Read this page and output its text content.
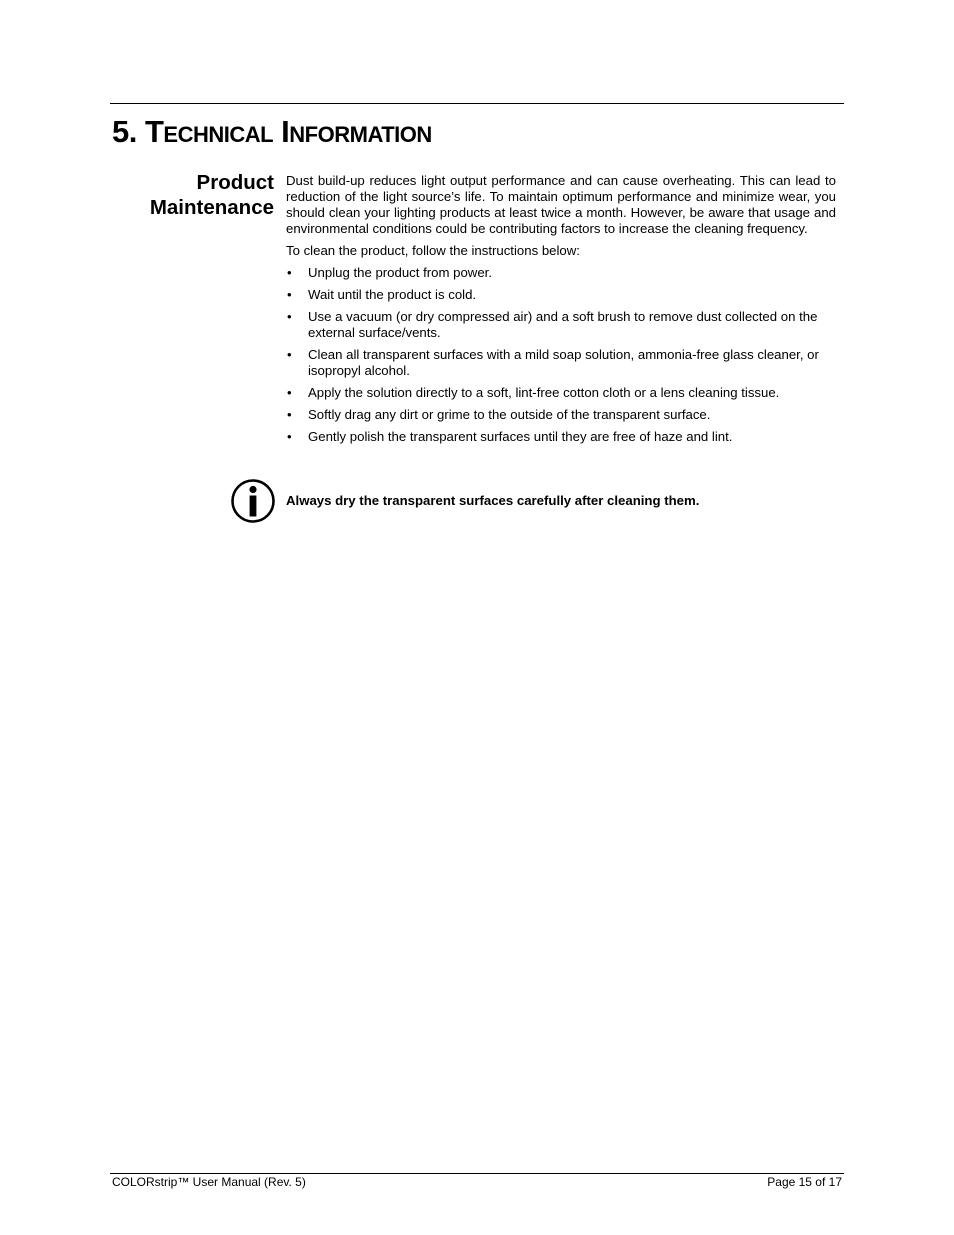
5. Technical Information
Product
Maintenance

Dust build-up reduces light output performance and can cause overheating. This can lead to reduction of the light source’s life. To maintain optimum performance and minimize wear, you should clean your lighting products at least twice a month. However, be aware that usage and environmental conditions could be contributing factors to increase the cleaning frequency.

To clean the product, follow the instructions below:

• Unplug the product from power.
• Wait until the product is cold.
• Use a vacuum (or dry compressed air) and a soft brush to remove dust collected on the external surface/vents.
• Clean all transparent surfaces with a mild soap solution, ammonia-free glass cleaner, or isopropyl alcohol.
• Apply the solution directly to a soft, lint-free cotton cloth or a lens cleaning tissue.
• Softly drag any dirt or grime to the outside of the transparent surface.
• Gently polish the transparent surfaces until they are free of haze and lint.
Always dry the transparent surfaces carefully after cleaning them.
COLORstrip™ User Manual (Rev. 5)	Page 15 of 17
